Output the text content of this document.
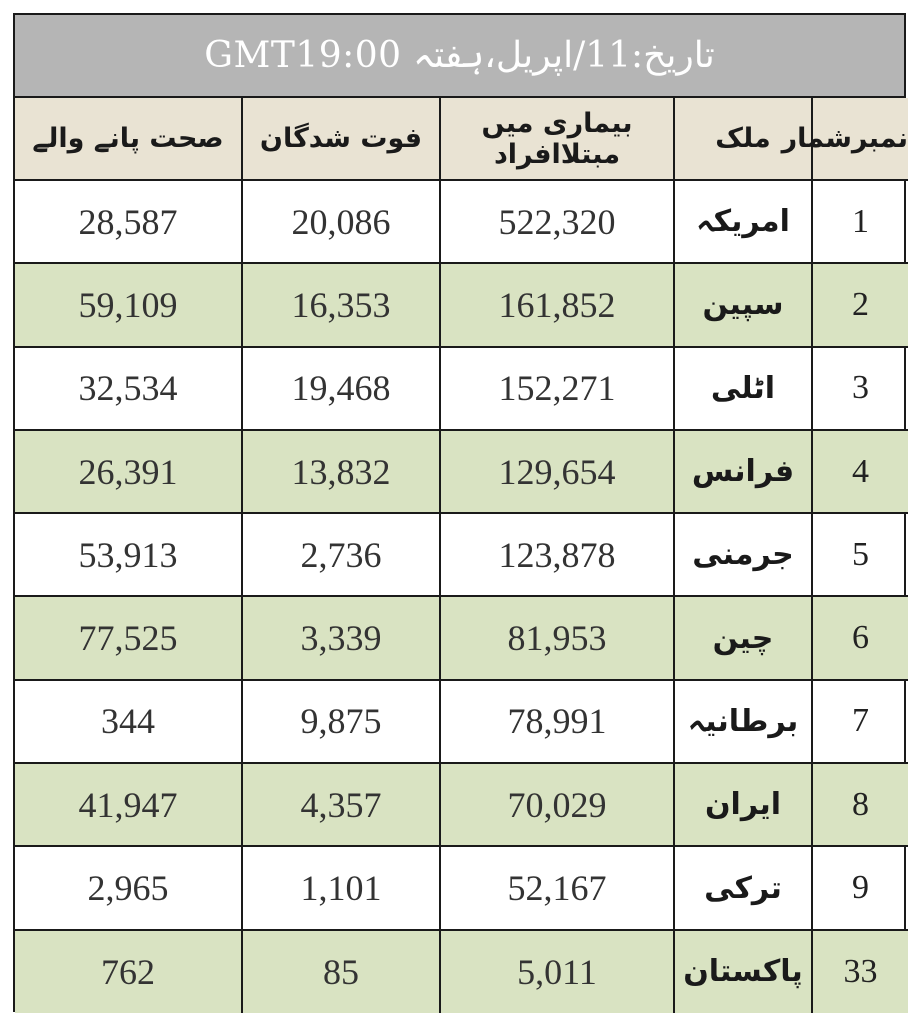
تاریخ:11/اپریل،ہفتہ GMT19:00
نمبرشمار	ملک	بیماری میں مبتلاافراد	فوت شدگان	صحت پانے والے
1	امریکہ	522,320	20,086	28,587
2	سپین	161,852	16,353	59,109
3	اٹلی	152,271	19,468	32,534
4	فرانس	129,654	13,832	26,391
5	جرمنی	123,878	2,736	53,913
6	چین	81,953	3,339	77,525
7	برطانیہ	78,991	9,875	344
8	ایران	70,029	4,357	41,947
9	ترکی	52,167	1,101	2,965
33	پاکستان	5,011	85	762
